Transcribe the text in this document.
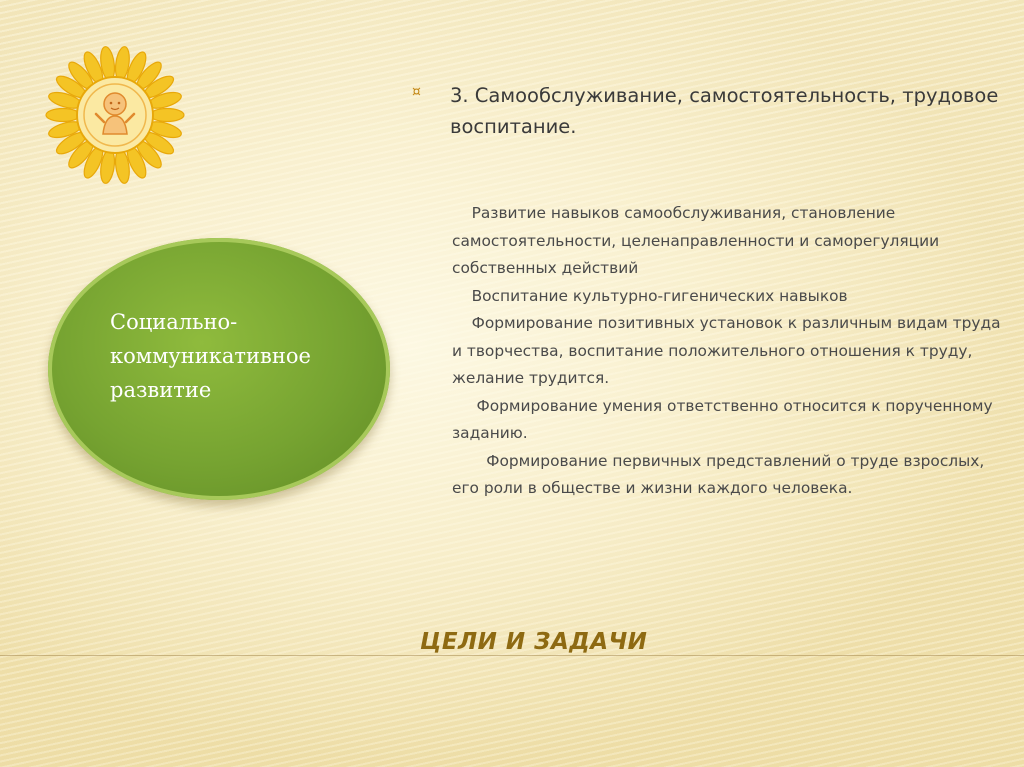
Социально-коммуникативное развитие
¤ 3. Самообслуживание, самостоятельность, трудовое воспитание.

Развитие навыков самообслуживания, становление самостоятельности, целенаправленности и саморегуляции собственных действий

Воспитание культурно-гигенических навыков

Формирование позитивных установок к различным видам труда и творчества, воспитание положительного отношения к труду, желание трудится.

Формирование умения ответственно относится к порученному заданию.

Формирование первичных представлений о труде взрослых, его роли в обществе и жизни каждого человека.

ЦЕЛИ И ЗАДАЧИ
